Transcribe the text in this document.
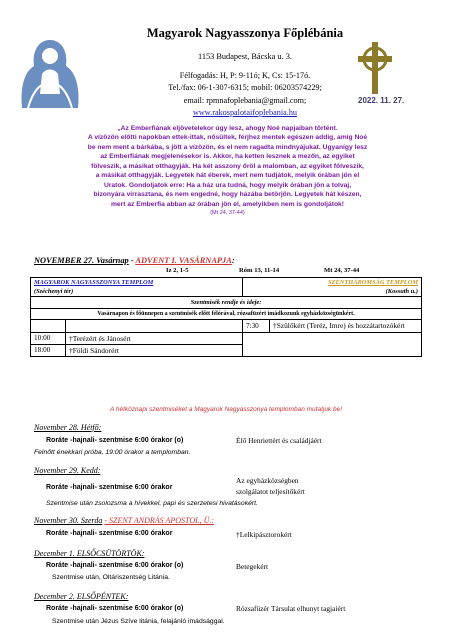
Magyarok Nagyasszonya Főplébánia
1153 Budapest, Bácska u. 3.
Félfogadás: H, P: 9-11ó; K, Cs: 15-17ó.
Tel./fax: 06-1-307-6315; mobil: 06203574229;
email: rpmnafoplebania@gmail.com;
www.rakospalotaifoplebania.hu
2022. 11. 27.
„Az Emberfiának eljövetelekor úgy lesz, ahogy Noé napjaiban történt.
A vízözön előtti napokban ettek-ittak, nősültek, férjhez mentek egészen addig, amíg Noé
be nem ment a bárkába, s jött a vízözön, és el nem ragadta mindnyájukat. Ugyanígy lesz
az Emberfiának megjelenésekor is. Akkor, ha ketten lesznek a mezőn, az egyiket
fölveszik, a másikat otthagyják. Ha két asszony őröl a malomban, az egyiket fölveszik,
a másikat otthagyják. Legyetek hát éberek, mert nem tudjátok, melyik órában jön el
Uratok. Gondoljatok erre: Ha a ház ura tudná, hogy melyik órában jön a tolvaj,
bizonyára virrasztana, és nem engedné, hogy házába betörjön. Legyetek hát készen,
mert az Emberfia abban az órában jön el, amelyikben nem is gondoljátok!
(Mt 24, 37-44)
NOVEMBER 27. Vasárnap - ADVENT I. VASÁRNAPJA:
Iz 2, 1-5	Róm 13, 11-14	Mt 24, 37-44
MAGYAROK NAGYASSZONYA TEMPLOM		SZENTHÁROMSÁG TEMPLOM	
(Széchenyi tér)		(Kossuth u.)	
Szentmisék rendje és ideje:			
Vasárnapon és főünnepen a szentmisék előtt félórával, rózsafüzért imádkozunk egyházközségünkért.			
		7:30	†Szülőkért (Teréz, Imre) és hozzátartozókért
10:00	†Terézért és Jánosért		
18:00	†Földi Sándorért		
A hétköznapi szentmiséket a Magyarok Nagyasszonya templomban mutatjuk be!
November 28. Hétfő:
Roráte -hajnali- szentmise 6:00 órakor (o)	Élő Henriettért és családjáért
Felnőtt énekkari próba, 19:00 órakor a templomban.
November 29. Kedd:
Roráte -hajnali- szentmise 6:00 órakor
Az egyházközségben
szolgálatot teljesítőkért
Szentmise után zsolozsma a hívekkel, papi és szerzetesi hivatásokért.
November 30. Szerda - SZENT ANDRÁS APOSTOL, Ü.:
Roráte -hajnali- szentmise 6:00 órakor	†Lelkipásztorokért
December 1. ELSŐCSÜTÖRTÖK:
Roráte -hajnali- szentmise 6:00 órakor (o)	Betegekért
Szentmise után, Oltáriszentség Litánia.
December 2. ELSŐPÉNTEK:
Roráte -hajnali- szentmise 6:00 órakor (o)	Rózsafüzér Társulat elhunyt tagjaiért
Szentmise után Jézus Szíve litánia, felajánló imádsággal.
